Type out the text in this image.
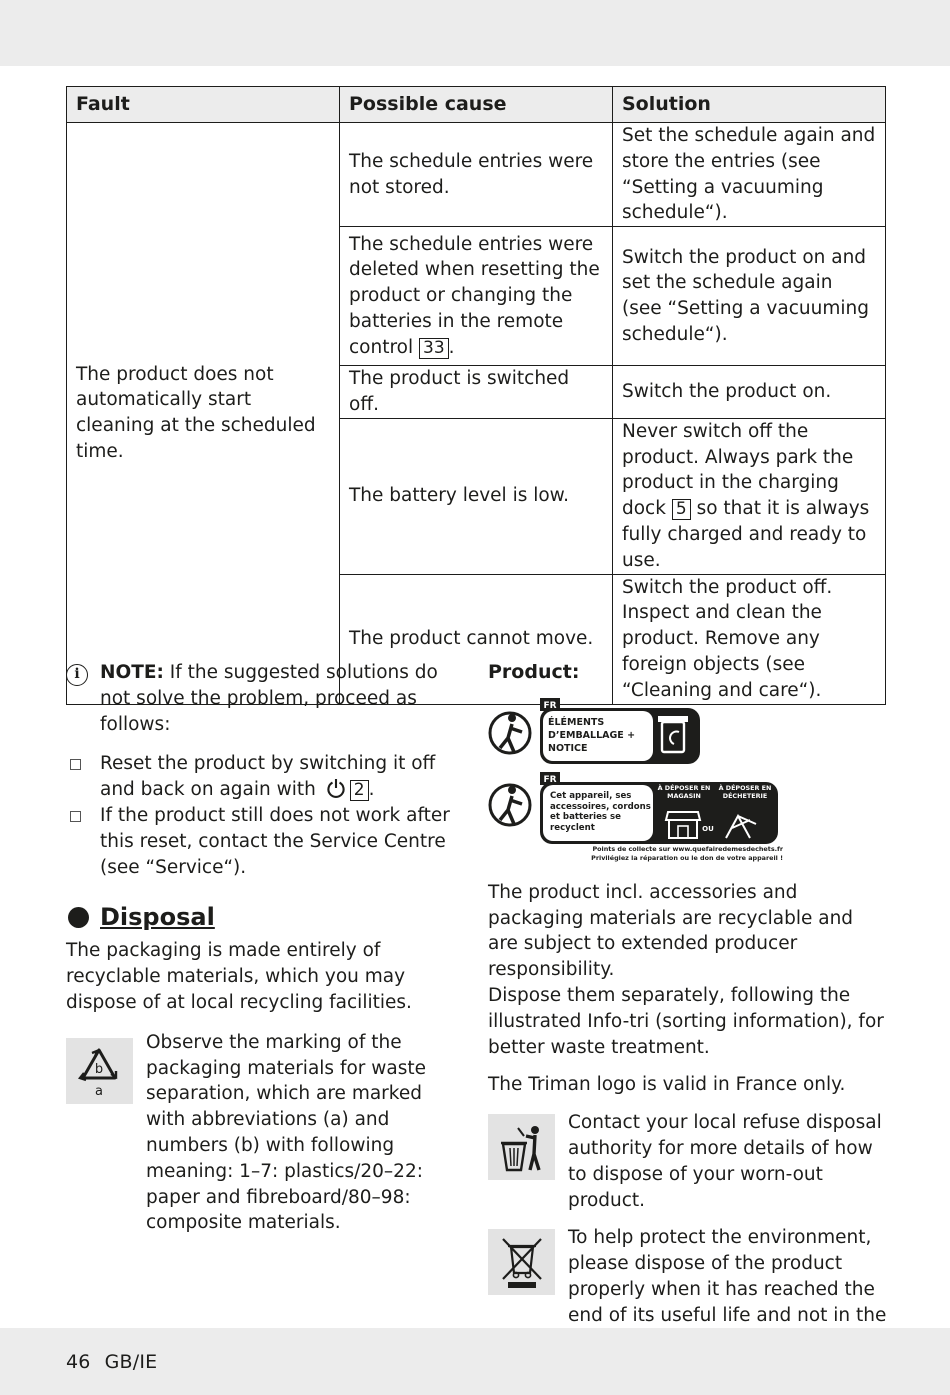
Fault	Possible cause	Solution
The product does not automatically start cleaning at the scheduled time.	The schedule entries were not stored.	Set the schedule again and store the entries (see “Setting a vacuuming schedule“).
	The schedule entries were deleted when resetting the product or changing the batteries in the remote control 33 .	Switch the product on and set the schedule again (see “Setting a vacuuming schedule“).
	The product is switched off.	Switch the product on.
	The battery level is low.	Never switch off the product. Always park the product in the charging dock 5 so that it is always fully charged and ready to use.
	The product cannot move.	Switch the product off. Inspect and clean the product. Remove any foreign objects (see “Cleaning and care“).
i	NOTE: If the suggested solutions do not solve the problem, proceed as follows:
Reset the product by switching it off and back on again with 2 .
If the product still does not work after this reset, contact the Service Centre (see “Service“).
Disposal

The packaging is made entirely of recyclable materials, which you may dispose of at local recycling facilities.

b
a

Observe the marking of the packaging materials for waste separation, which are marked with abbreviations (a) and numbers (b) with following meaning: 1–7: plastics/20–22: paper and fibreboard/80–98: composite materials.

Product:
FR
ÉLÉMENTS D’EMBALLAGE + NOTICE
FR
Cet appareil, ses accessoires, cordons et batteries se recyclent
À DÉPOSER EN MAGASIN
À DÉPOSER EN DÉCHETERIE
OU
Points de collecte sur www.quefairedemesdechets.fr
Privilégiez la réparation ou le don de votre appareil !

The product incl. accessories and packaging materials are recyclable and are subject to extended producer responsibility.

Dispose them separately, following the illustrated Info-tri (sorting information), for better waste treatment.

The Triman logo is valid in France only.

Contact your local refuse disposal authority for more details of how to dispose of your worn-out product.

To help protect the environment, please dispose of the product properly when it has reached the end of its useful life and not in the

46 GB/IE
